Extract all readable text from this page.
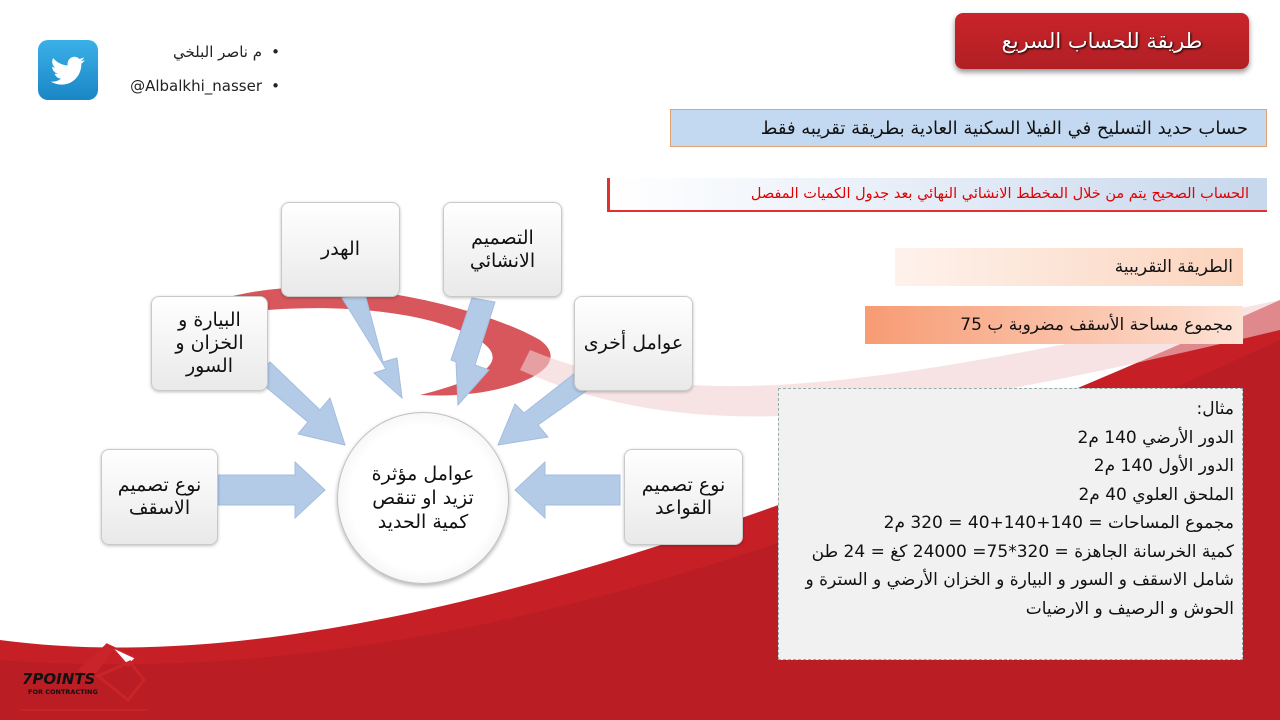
طريقة للحساب السريع
• م ناصر البلخي
• @Albalkhi_nasser
حساب حديد التسليح في الفيلا السكنية العادية بطريقة تقريبه فقط
الحساب الصحيح يتم من خلال المخطط الانشائي النهائي بعد جدول الكميات المفصل
الطريقة التقريبية
مجموع مساحة الأسقف مضروبة ب 75
مثال:
الدور الأرضي 140 م2
الدور الأول 140 م2
الملحق العلوي 40 م2
مجموع المساحات = 140+140+40 = 320 م2
كمية الخرسانة الجاهزة = 320*75= 24000 كغ = 24 طن
شامل الاسقف و السور و البيارة و الخزان الأرضي و السترة و الحوش و الرصيف و الارضيات
الهدر
التصميم الانشائي
البيارة و الخزان و السور
عوامل أخرى
نوع تصميم الاسقف
نوع تصميم القواعد
عوامل مؤثرة تزيد او تنقص كمية الحديد
7POINTS
FOR CONTRACTING
